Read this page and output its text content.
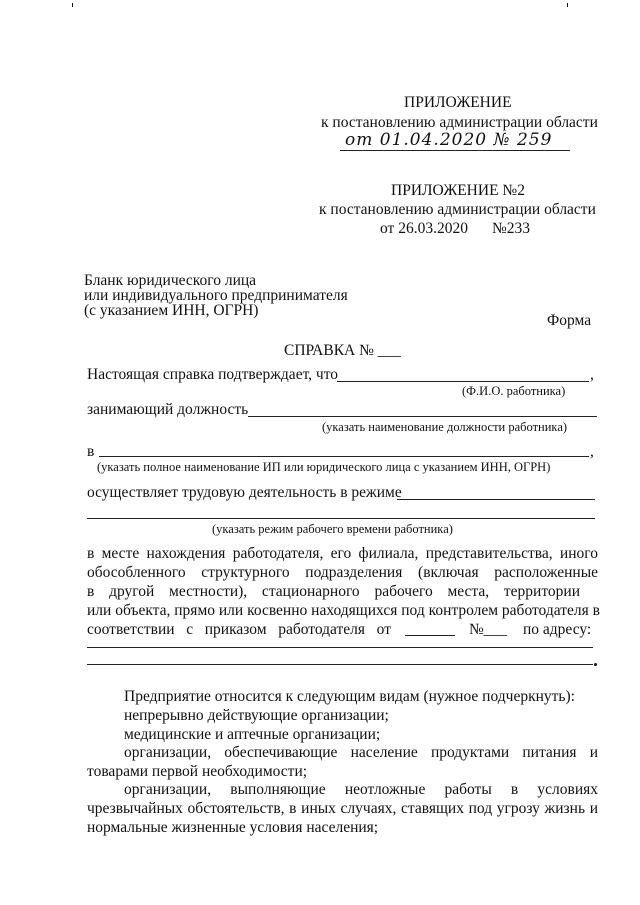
ПРИЛОЖЕНИЕ
к постановлению администрации области
от 01.04.2020 № 259
ПРИЛОЖЕНИЕ №2
к постановлению администрации области
от 26.03.2020 №233
Бланк юридического лица
или индивидуального предпринимателя
(с указанием ИНН, ОГРН)
Форма
СПРАВКА № ___
Настоящая справка подтверждает, что	,
(Ф.И.О. работника)
занимающий должность
(указать наименование должности работника)
в	,
(указать полное наименование ИП или юридического лица с указанием ИНН, ОГРН)
осуществляет трудовую деятельность в режиме
(указать режим рабочего времени работника)
в месте нахождения работодателя, его филиала, представительства, иного
обособленного структурного подразделения (включая расположенные
в другой местности), стационарного рабочего места, территории
или объекта, прямо или косвенно находящихся под контролем работодателя в
соответствии с приказом работодателя от	№___ по адресу:
Предприятие относится к следующим видам (нужное подчеркнуть):
непрерывно действующие организации;
медицинские и аптечные организации;
организации, обеспечивающие население продуктами питания и
товарами первой необходимости;
организации, выполняющие неотложные работы в условиях
чрезвычайных обстоятельств, в иных случаях, ставящих под угрозу жизнь и
нормальные жизненные условия населения;
